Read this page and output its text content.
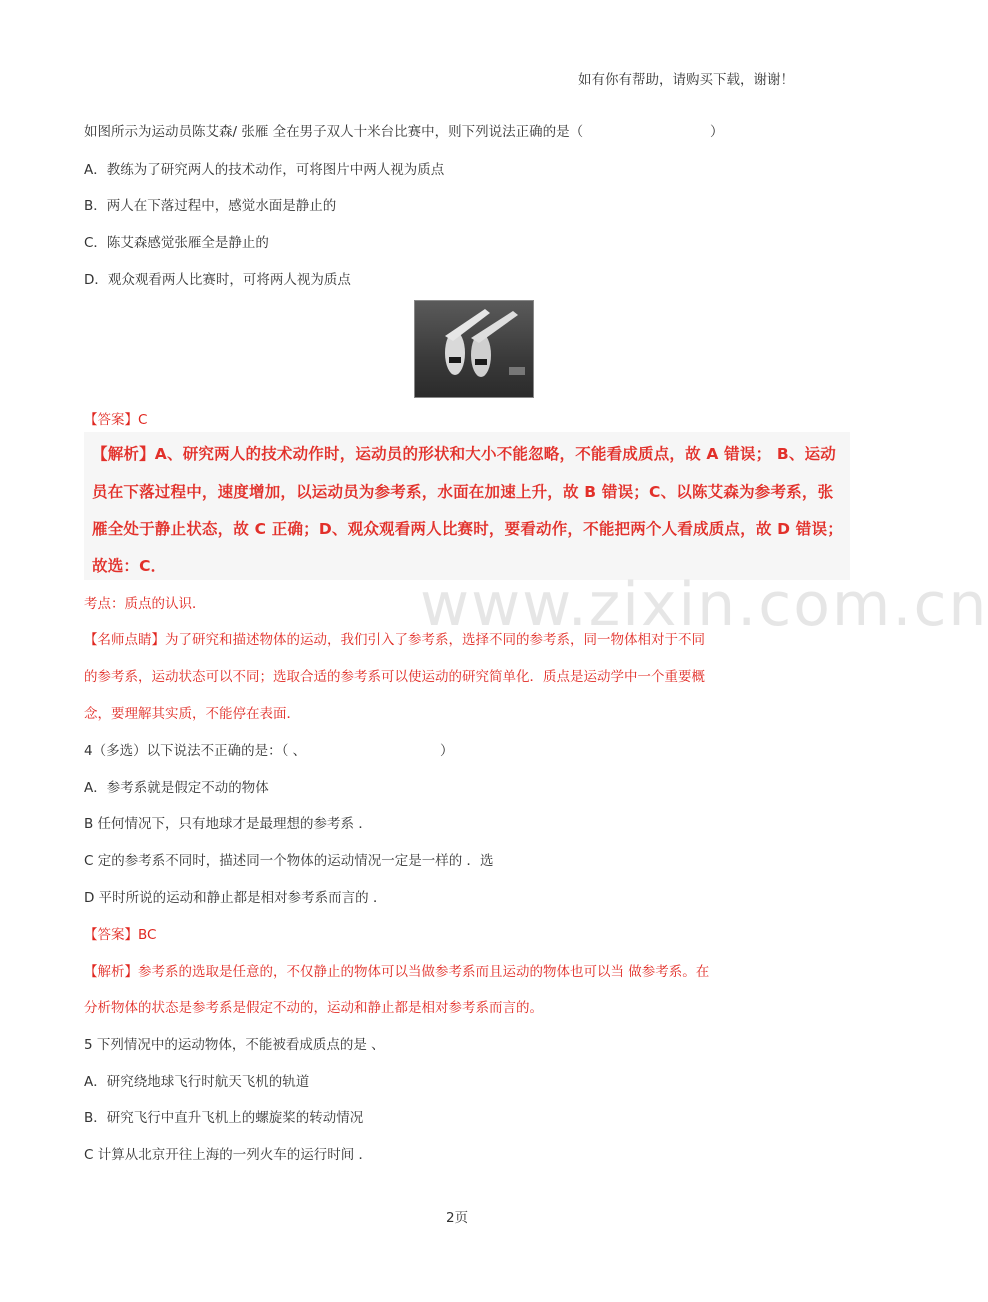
如有你有帮助，请购买下载，谢谢！
如图所示为运动员陈艾森/ 张雁 全在男子双人十米台比赛中，则下列说法正确的是（	）
A．教练为了研究两人的技术动作，可将图片中两人视为质点
B．两人在下落过程中，感觉水面是静止的
C．陈艾森感觉张雁全是静止的
D．观众观看两人比赛时，可将两人视为质点
【答案】C
【解析】A、研究两人的技术动作时，运动员的形状和大小不能忽略，不能看成质点，故 A 错误； B、运动
员在下落过程中，速度增加，以运动员为参考系，水面在加速上升，故 B 错误；C、以陈艾森为参考系，张
雁全处于静止状态，故 C 正确；D、观众观看两人比赛时，要看动作，不能把两个人看成质点，故 D 错误；
故选：C．
www.zixin.com.cn
考点：质点的认识．
【名师点睛】为了研究和描述物体的运动，我们引入了参考系，选择不同的参考系，同一物体相对于不同
的参考系，运动状态可以不同；选取合适的参考系可以使运动的研究简单化．质点是运动学中一个重要概
念，要理解其实质，不能停在表面．
4（多选）以下说法不正确的是：（ 、	）
A．参考系就是假定不动的物体
B 任何情况下，只有地球才是最理想的参考系 ．
C 定的参考系不同时，描述同一个物体的运动情况一定是一样的 ．选
D 平时所说的运动和静止都是相对参考系而言的 ．
【答案】BC
【解析】参考系的选取是任意的，不仅静止的物体可以当做参考系而且运动的物体也可以当 做参考系。在
分析物体的状态是参考系是假定不动的，运动和静止都是相对参考系而言的。
5 下列情况中的运动物体，不能被看成质点的是 、
A．研究绕地球飞行时航天飞机的轨道
B．研究飞行中直升飞机上的螺旋桨的转动情况
C 计算从北京开往上海的一列火车的运行时间 ．
2页
